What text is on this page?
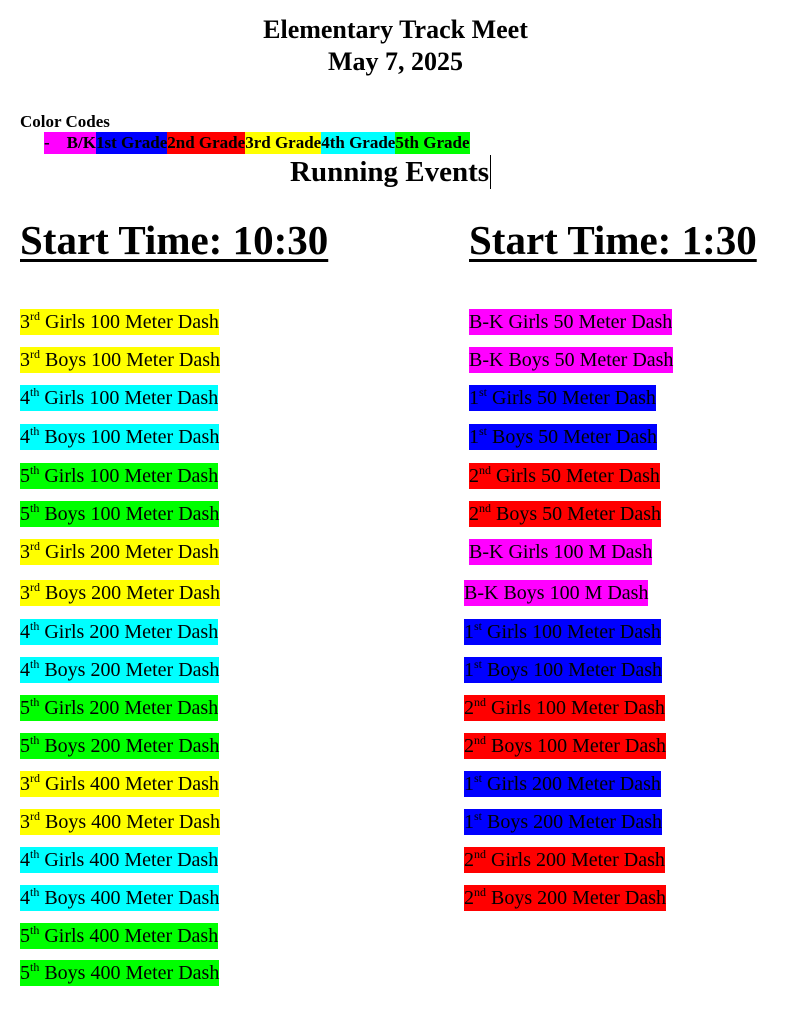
Elementary Track Meet
May 7, 2025
Color Codes
-    B/K 1st Grade 2nd Grade 3rd Grade 4th Grade 5th Grade
Running Events
Start Time: 10:30	Start Time: 1:30
3rd Girls 100 Meter Dash
3rd Boys 100 Meter Dash
4th Girls 100 Meter Dash
4th Boys 100 Meter Dash
5th Girls 100 Meter Dash
5th Boys 100 Meter Dash
3rd Girls 200 Meter Dash
3rd Boys 200 Meter Dash
4th Girls 200 Meter Dash
4th Boys 200 Meter Dash
5th Girls 200 Meter Dash
5th Boys 200 Meter Dash
3rd Girls 400 Meter Dash
3rd Boys 400 Meter Dash
4th Girls 400 Meter Dash
4th Boys 400 Meter Dash
5th Girls 400 Meter Dash
5th Boys 400 Meter Dash
B-K Girls 50 Meter Dash
B-K Boys 50 Meter Dash
1st Girls 50 Meter Dash
1st Boys 50 Meter Dash
2nd Girls 50 Meter Dash
2nd Boys 50 Meter Dash
B-K Girls 100 M Dash
B-K Boys 100 M Dash
1st Girls 100 Meter Dash
1st Boys 100 Meter Dash
2nd Girls 100 Meter Dash
2nd Boys 100 Meter Dash
1st Girls 200 Meter Dash
1st Boys 200 Meter Dash
2nd Girls 200 Meter Dash
2nd Boys 200 Meter Dash
